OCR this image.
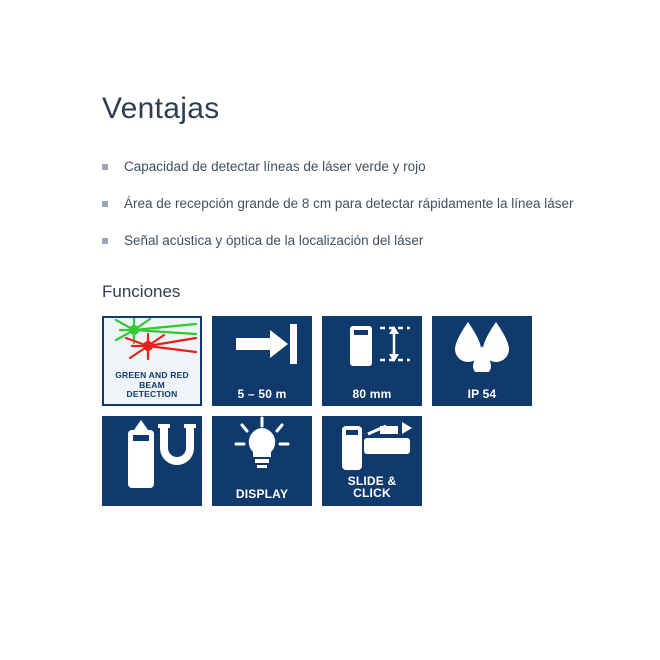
Ventajas
Capacidad de detectar líneas de láser verde y rojo
Área de recepción grande de 8 cm para detectar rápidamente la línea láser
Señal acústica y óptica de la localización del láser
Funciones
GREEN AND RED
BEAM
DETECTION	5 – 50 m	80 mm	IP 54
DISPLAY
SLIDE &
CLICK
